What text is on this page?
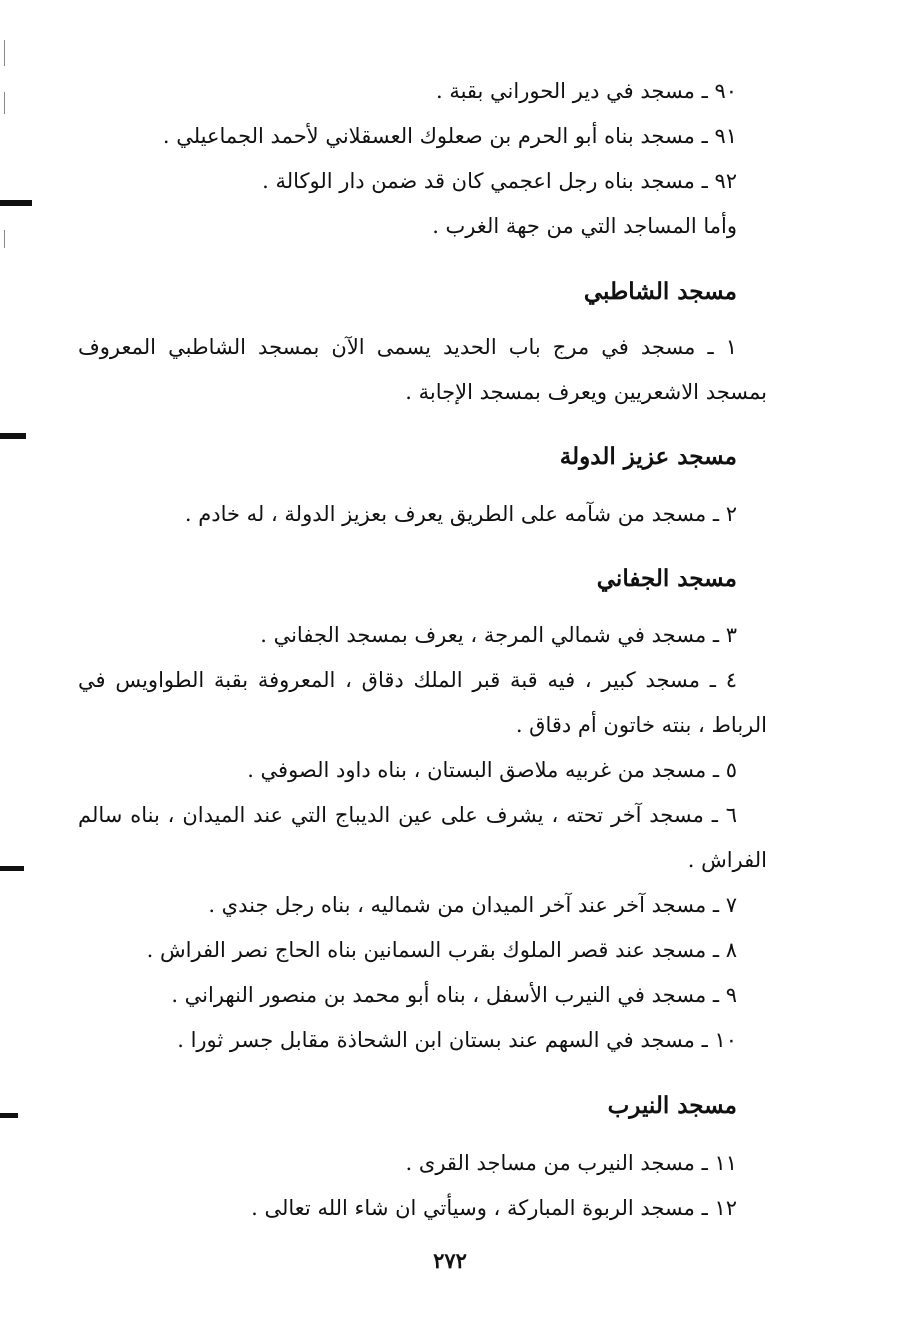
٩٠ ـ مسجد في دير الحوراني بقبة .
٩١ ـ مسجد بناه أبو الحرم بن صعلوك العسقلاني لأحمد الجماعيلي .
٩٢ ـ مسجد بناه رجل اعجمي كان قد ضمن دار الوكالة .
وأما المساجد التي من جهة الغرب .
مسجد الشاطبي
١ ـ مسجد في مرج باب الحديد يسمى الآن بمسجد الشاطبي المعروف
بمسجد الاشعريين ويعرف بمسجد الإجابة .
مسجد عزيز الدولة
٢ ـ مسجد من شآمه على الطريق يعرف بعزيز الدولة ، له خادم .
مسجد الجفاني
٣ ـ مسجد في شمالي المرجة ، يعرف بمسجد الجفاني .
٤ ـ مسجد كبير ، فيه قبة قبر الملك دقاق ، المعروفة بقبة الطواويس في
الرباط ، بنته خاتون أم دقاق .
٥ ـ مسجد من غربيه ملاصق البستان ، بناه داود الصوفي .
٦ ـ مسجد آخر تحته ، يشرف على عين الديباج التي عند الميدان ، بناه سالم
الفراش .
٧ ـ مسجد آخر عند آخر الميدان من شماليه ، بناه رجل جندي .
٨ ـ مسجد عند قصر الملوك بقرب السمانين بناه الحاج نصر الفراش .
٩ ـ مسجد في النيرب الأسفل ، بناه أبو محمد بن منصور النهراني .
١٠ ـ مسجد في السهم عند بستان ابن الشحاذة مقابل جسر ثورا .
مسجد النيرب
١١ ـ مسجد النيرب من مساجد القرى .
١٢ ـ مسجد الربوة المباركة ، وسيأتي ان شاء الله تعالى .
٢٧٢
